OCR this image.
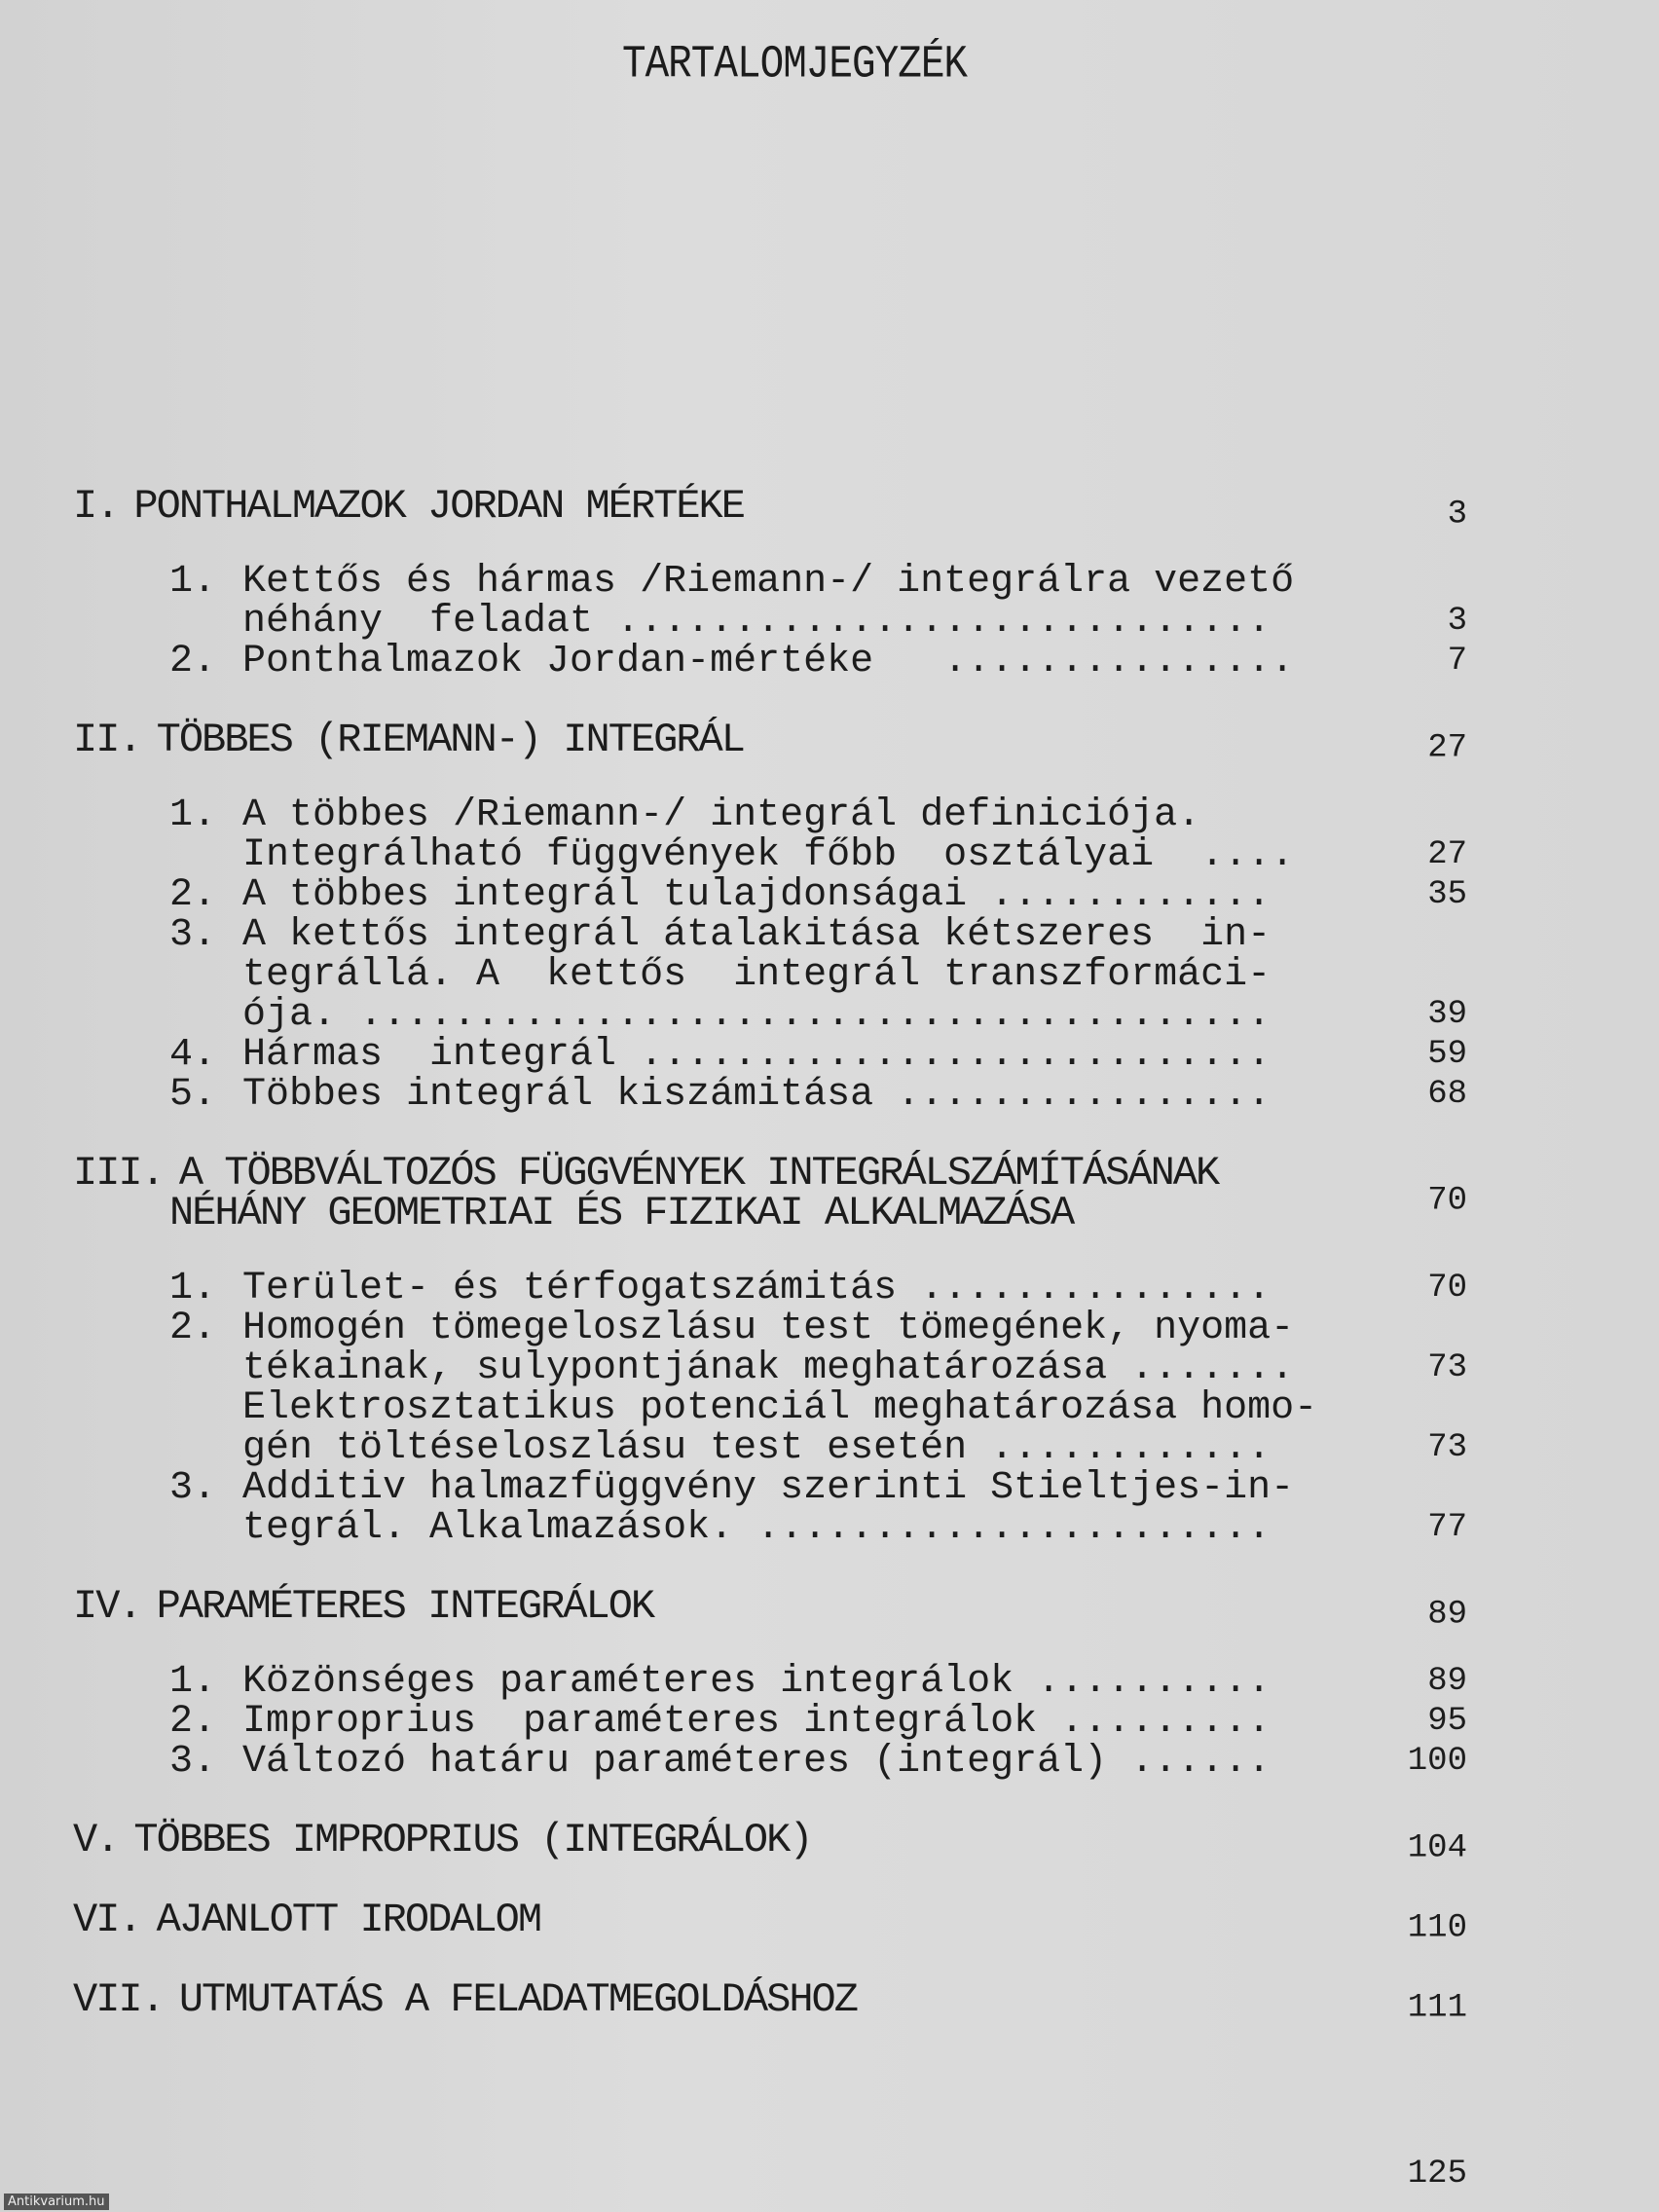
TARTALOMJEGYZÉK
I. PONTHALMAZOK JORDAN MÉRTÉKE	3
1. Kettős és hármas /Riemann-/ integrálra vezető
néhány  feladat ............................	3
2. Ponthalmazok Jordan-mértéke   ...............	7
II. TÖBBES (RIEMANN-) INTEGRÁL	27
1. A többes /Riemann-/ integrál definiciója.
Integrálható függvények főbb  osztályai  ....	27
2. A többes integrál tulajdonságai ............	35
3. A kettős integrál átalakitása kétszeres  in-
tegrállá. A  kettős  integrál transzformáci-
ója. .......................................	39
4. Hármas  integrál ...........................	59
5. Többes integrál kiszámitása ................	68
III. A TÖBBVÁLTOZÓS FÜGGVÉNYEK INTEGRÁLSZÁMÍTÁSÁNAK
NÉHÁNY GEOMETRIAI ÉS FIZIKAI ALKALMAZÁSA	70
1. Terület- és térfogatszámitás ...............	70
2. Homogén tömegeloszlásu test tömegének, nyoma-
tékainak, sulypontjának meghatározása .......	73
Elektrosztatikus potenciál meghatározása homo-
gén töltéseloszlásu test esetén ............	73
3. Additiv halmazfüggvény szerinti Stieltjes-in-
tegrál. Alkalmazások. ......................	77
IV. PARAMÉTERES INTEGRÁLOK	89
1. Közönséges paraméteres integrálok ..........	89
2. Improprius  paraméteres integrálok .........	95
3. Változó határu paraméteres (integrál) ......	100
V. TÖBBES IMPROPRIUS (INTEGRÁLOK)	104
VI. AJANLOTT IRODALOM	110
VII. UTMUTATÁS A FELADATMEGOLDÁSHOZ	111
125
Antikvarium.hu
